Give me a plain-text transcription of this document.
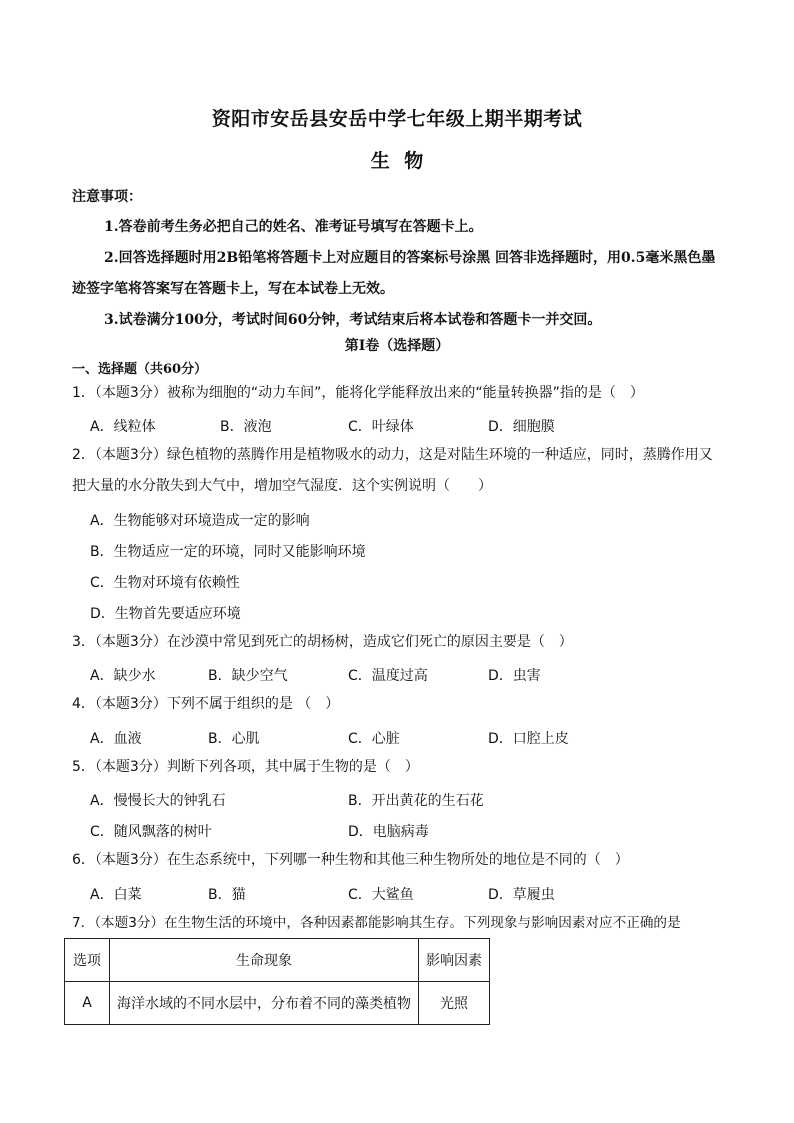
资阳市安岳县安岳中学七年级上期半期考试
生 物
注意事项：
1.答卷前考生务必把自己的姓名、准考证号填写在答题卡上。
2.回答选择题时用2B铅笔将答题卡上对应题目的答案标号涂黑 回答非选择题时，用0.5毫米黑色墨迹签字笔将答案写在答题卡上，写在本试卷上无效。
3.试卷满分100分，考试时间60分钟，考试结束后将本试卷和答题卡一并交回。
第Ⅰ卷（选择题）
一、选择题（共60分）
1．（本题3分）被称为细胞的“动力车间”，能将化学能释放出来的“能量转换器”指的是（　）
A．线粒体	B．液泡	C．叶绿体	D．细胞膜
2．（本题3分）绿色植物的蒸腾作用是植物吸水的动力，这是对陆生环境的一种适应，同时，蒸腾作用又把大量的水分散失到大气中，增加空气湿度．这个实例说明（　　）
A．生物能够对环境造成一定的影响
B．生物适应一定的环境，同时又能影响环境
C．生物对环境有依赖性
D．生物首先要适应环境
3．（本题3分）在沙漠中常见到死亡的胡杨树，造成它们死亡的原因主要是（　）
A．缺少水	B．缺少空气	C．温度过高	D．虫害
4．（本题3分）下列不属于组织的是 （　）
A．血液	B．心肌	C．心脏	D．口腔上皮
5．（本题3分）判断下列各项，其中属于生物的是（　）
A．慢慢长大的钟乳石	B．开出黄花的生石花
C．随风飘落的树叶	D．电脑病毒
6．（本题3分）在生态系统中，下列哪一种生物和其他三种生物所处的地位是不同的（　）
A．白菜	B．猫	C．大鲨鱼	D．草履虫
7．（本题3分）在生物生活的环境中，各种因素都能影响其生存。下列现象与影响因素对应不正确的是
选项	生命现象	影响因素
A	海洋水域的不同水层中，分布着不同的藻类植物	光照
